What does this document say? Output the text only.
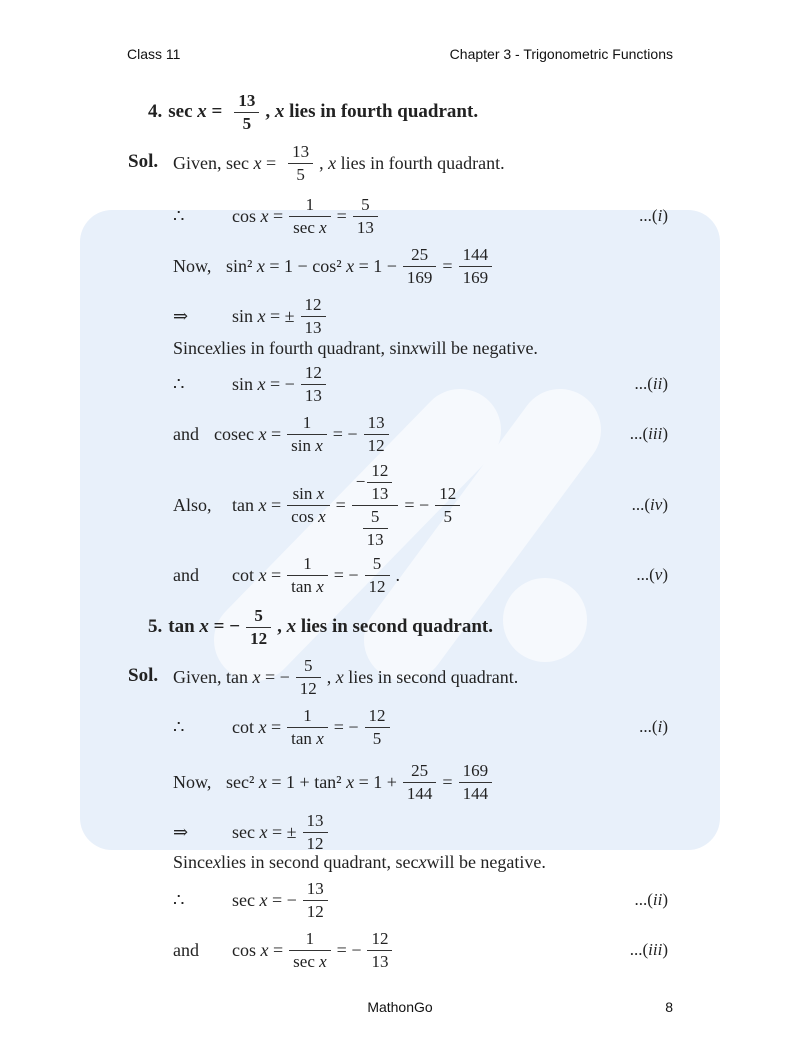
Class 11	Chapter 3 - Trigonometric Functions
4. $\sec x = \frac{13}{5}$ , x lies in fourth quadrant.
Sol. Given, $\sec x = \frac{13}{5}$ , x lies in fourth quadrant.
∴	$\cos x = \frac{1}{\text{sec x}} = \frac{5}{13}$	...(i)
Now, sin² x = 1 − cos² $x = 1 - \frac{25}{169} = \frac{144}{169}$
⇒	sin x = ± $\frac{12}{13}$
Since x lies in fourth quadrant, sin x will be negative.
∴	sin x = − $\frac{12}{13}$	...(ii)
and cosec $x = \frac{1}{\text{sin x}}$ = − $\frac{13}{12}$	...(iii)
Also,	$\tan x = \frac{\text{sin x}}{\text{cos x}} = \frac{- \frac{12}{13}}{\frac{5}{13}}$ = − $\frac{12}{5}$	...(iv)
and	$\cot x = \frac{1}{\text{tan x}}$ = − $\frac{5}{12}$ .	...(v)
5. tan x = − $\frac{5}{12}$ , x lies in second quadrant.
Sol. Given, tan x = − $\frac{5}{12}$ , x lies in second quadrant.
∴	$\cot x = \frac{1}{\text{tan x}}$ = − $\frac{12}{5}$	...(i)
Now, sec² x = 1 + tan² $x = 1 + \frac{25}{144} = \frac{169}{144}$
⇒	sec x = ± $\frac{13}{12}$
Since x lies in second quadrant, sec x will be negative.
∴	sec x = − $\frac{13}{12}$	...(ii)
and	$\cos x = \frac{1}{\text{sec x}}$ = − $\frac{12}{13}$	...(iii)
MathonGo	8
